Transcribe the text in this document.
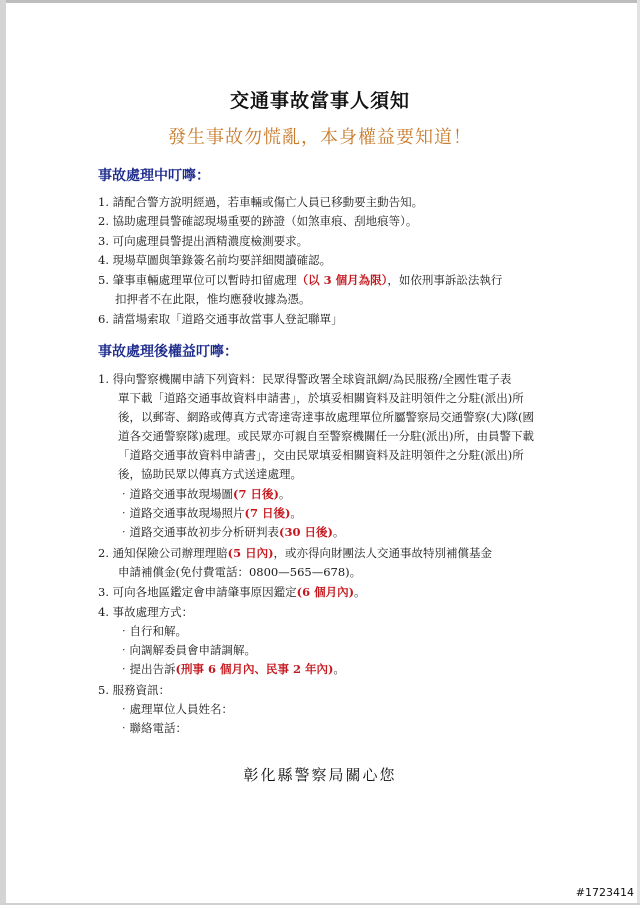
交通事故當事人須知
發生事故勿慌亂，本身權益要知道！
事故處理中叮嚀：
1. 請配合警方說明經過，若車輛或傷亡人員已移動要主動告知。
2. 協助處理員警確認現場重要的跡證（如煞車痕、刮地痕等）。
3. 可向處理員警提出酒精濃度檢測要求。
4. 現場草圖與筆錄簽名前均要詳細閱讀確認。
5. 肇事車輛處理單位可以暫時扣留處理（以 3 個月為限），如依刑事訴訟法執行
扣押者不在此限，惟均應發收據為憑。
6. 請當場索取「道路交通事故當事人登記聯單」
事故處理後權益叮嚀：
1. 得向警察機關申請下列資料：民眾得警政署全球資訊網/為民服務/全國性電子表
單下載「道路交通事故資料申請書」，於填妥相關資料及註明領件之分駐(派出)所
後，以郵寄、網路或傳真方式寄達寄達事故處理單位所屬警察局交通警察(大)隊(國
道各交通警察隊)處理。或民眾亦可親自至警察機關任一分駐(派出)所，由員警下載
「道路交通事故資料申請書」，交由民眾填妥相關資料及註明領件之分駐(派出)所
後，協助民眾以傳真方式送達處理。
‧道路交通事故現場圖(7 日後)。
‧道路交通事故現場照片(7 日後)。
‧道路交通事故初步分析研判表(30 日後)。
2. 通知保險公司辦理理賠(5 日內)，或亦得向財團法人交通事故特別補償基金
申請補償金(免付費電話：0800—565—678)。
3. 可向各地區鑑定會申請肇事原因鑑定(6 個月內)。
4. 事故處理方式：
‧自行和解。
‧向調解委員會申請調解。
‧提出告訴(刑事 6 個月內、民事 2 年內)。
5. 服務資訊：
‧處理單位人員姓名：
‧聯絡電話：
彰化縣警察局關心您
#1723414
